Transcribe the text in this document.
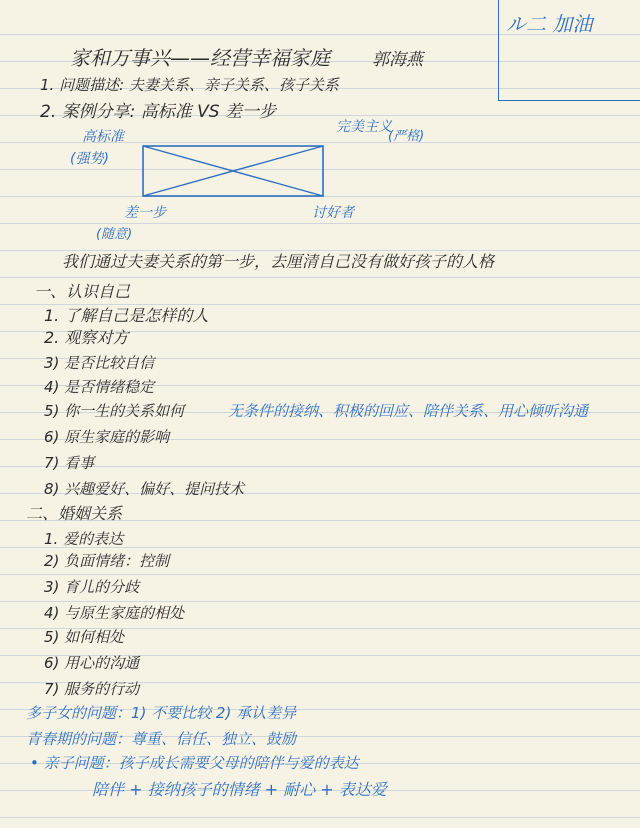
ル二 加油
家和万事兴——经营幸福家庭 郭海燕
1. 问题描述: 夫妻关系、亲子关系、孩子关系
2. 案例分享: 高标准 VS 差一步
高标准
(强势)
完美主义
(严格)
差一步
(随意)
讨好者
我们通过夫妻关系的第一步，去厘清自己没有做好孩子的人格
一、认识自己
1. 了解自己是怎样的人
2. 观察对方
3) 是否比较自信
4) 是否情绪稳定
5) 你一生的关系如何	无条件的接纳、积极的回应、陪伴关系、用心倾听沟通
6) 原生家庭的影响
7) 看事
8) 兴趣爱好、偏好、提问技术
二、婚姻关系
1. 爱的表达
2) 负面情绪：控制
3) 育儿的分歧
4) 与原生家庭的相处
5) 如何相处
6) 用心的沟通
7) 服务的行动
多子女的问题：1) 不要比较 2) 承认差异
青春期的问题：尊重、信任、独立、鼓励
• 亲子问题：孩子成长需要父母的陪伴与爱的表达
陪伴 + 接纳孩子的情绪 + 耐心 + 表达爱
